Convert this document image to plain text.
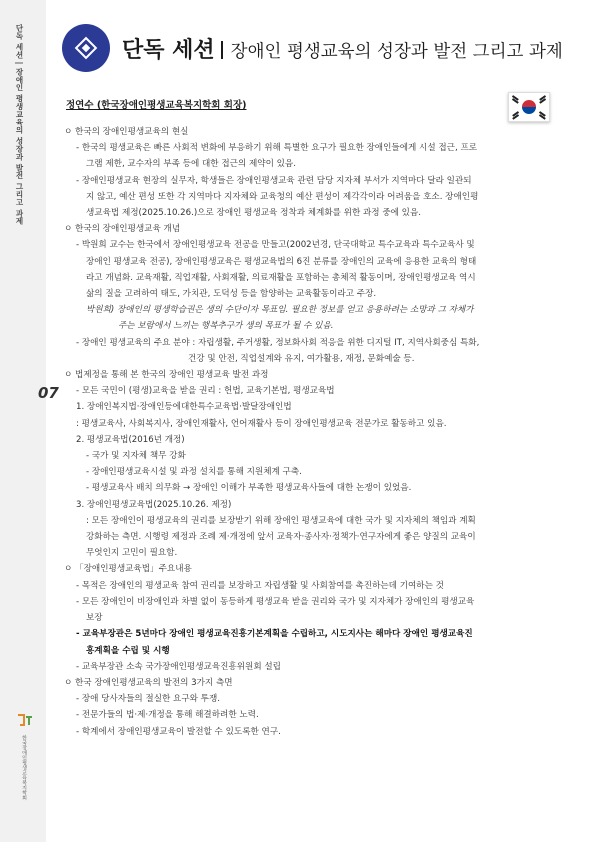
단독 세션 | 장애인 평생교육의 성장과 발전 그리고 과제
07
한국장애인평생교육복지학회
단독 세션 장애인 평생교육의 성장과 발전 그리고 과제
정연수 (한국장애인평생교육복지학회 회장)

ㅇ 한국의 장애인평생교육의 현실

- 한국의 평생교육은 빠른 사회적 변화에 부응하기 위해 특별한 요구가 필요한 장애인들에게 시설 접근, 프로

그램 제한, 교수자의 부족 등에 대한 접근의 제약이 있음.

- 장애인평생교육 현장의 실무자, 학생들은 장애인평생교육 관련 담당 지자체 부서가 지역마다 달라 일관되

지 않고, 예산 편성 또한 각 지역마다 지자체와 교육청의 예산 편성이 제각각이라 어려움을 호소. 장애인평

생교육법 제정(2025.10.26.)으로 장애인 평생교육 정착과 체계화를 위한 과정 중에 있음.

ㅇ 한국의 장애인평생교육 개념

- 박원희 교수는 한국에서 장애인평생교육 전공을 만들고(2002년경, 단국대학교 특수교육과 특수교육사 및

장애인 평생교육 전공), 장애인평생교육은 평생교육법의 6진 분류를 장애인의 교육에 응용한 교육의 형태

라고 개념화. 교육재활, 직업재활, 사회재활, 의료재활을 포함하는 총체적 활동이며, 장애인평생교육 역시

삶의 질을 고려하여 태도, 가치관, 도덕성 등을 함양하는 교육활동이라고 주장.

박원희) 장애인의 평생학습권은 생의 수단이자 목표임. 필요한 정보를 얻고 응용하려는 소망과 그 자체가

주는 보람에서 느끼는 행복추구가 생의 목표가 될 수 있음.

- 장애인 평생교육의 주요 분야 : 자립생활, 주거생활, 정보화사회 적응을 위한 디지털 IT, 지역사회중심 특화,

건강 및 안전, 직업설계와 유지, 여가활용, 재정, 문화예술 등.

ㅇ 법제정을 통해 본 한국의 장애인 평생교육 발전 과정

- 모든 국민이 (평생)교육을 받을 권리 : 헌법, 교육기본법, 평생교육법

1. 장애인복지법·장애인등에대한특수교육법·발달장애인법

: 평생교육사, 사회복지사, 장애인재활사, 언어재활사 등이 장애인평생교육 전문가로 활동하고 있음.

2. 평생교육법(2016년 개정)

- 국가 및 지자체 책무 강화

- 장애인평생교육시설 및 과정 설치를 통해 지원체계 구축.

- 평생교육사 배치 의무화 → 장애인 이해가 부족한 평생교육사들에 대한 논쟁이 있었음.

3. 장애인평생교육법(2025.10.26. 제정)

: 모든 장애인이 평생교육의 권리를 보장받기 위해 장애인 평생교육에 대한 국가 및 지자체의 책임과 계획

강화하는 측면. 시행령 제정과 조례 제·개정에 앞서 교육자·종사자·정책가·연구자에게 좋은 양질의 교육이

무엇인지 고민이 필요함.

ㅇ 「장애인평생교육법」주요내용

- 목적은 장애인의 평생교육 참여 권리를 보장하고 자립생활 및 사회참여를 촉진하는데 기여하는 것

- 모든 장애인이 비장애인과 차별 없이 동등하게 평생교육 받을 권리와 국가 및 지자체가 장애인의 평생교육

보장

- 교육부장관은 5년마다 장애인 평생교육진흥기본계획을 수립하고, 시도지사는 해마다 장애인 평생교육진

흥계획을 수립 및 시행

- 교육부장관 소속 국가장애인평생교육진흥위원회 설립

ㅇ 한국 장애인평생교육의 발전의 3가지 측면

- 장애 당사자들의 절실한 요구와 투쟁.

- 전문가들의 법·제·개정을 통해 해결하려한 노력.

- 학계에서 장애인평생교육이 발전할 수 있도록한 연구.
